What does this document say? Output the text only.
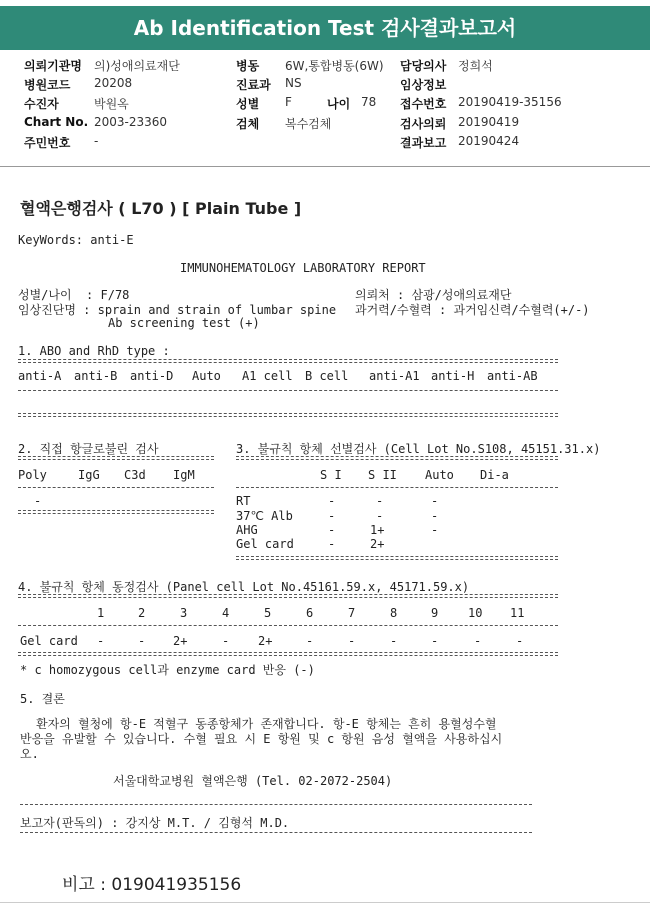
Ab Identification Test 검사결과보고서
의뢰기관명 의)성애의료재단
병원코드 20208
수진자	박원옥
Chart No. 2003-23360
주민번호 -
병동 6W,통합병동(6W)
진료과 NS
성별 F	나이 78
검체 복수검체
담당의사 정희석
임상정보
접수번호 20190419-35156
검사의뢰 20190419
결과보고 20190424
혈액은행검사 ( L70 ) [ Plain Tube ]
KeyWords: anti-E
IMMUNOHEMATOLOGY LABORATORY REPORT
성별/나이  : F/78
임상진단명 : sprain and strain of lumbar spine
Ab screening test (+)
의뢰처 : 삼광/성애의료재단
과거력/수혈력 : 과거임신력/수혈력(+/-)
1. ABO and RhD type :
anti-A anti-B anti-D Auto A1 cell B cell anti-A1 anti-H anti-AB
2. 직접 항글로불린 검사
Poly	IgG C3d IgM
-
3. 불규칙 항체 선별검사 (Cell Lot No.S108, 45151.31.x)
S I S II Auto Di-a
RT	-	-	-
37℃ Alb	-	-	-
AHG	-	1+	-
Gel card	-	2+
4. 불규칙 항체 동정검사 (Panel cell Lot No.45161.59.x, 45171.59.x)
1	2	3	4	5	6	7	8	9 10 11
Gel card -	- 2+	- 2+	-	-	-	-	-	-
* c homozygous cell과 enzyme card 반응 (-)
5. 결론
환자의 혈청에 항-E 적혈구 동종항체가 존재합니다. 항-E 항체는 흔히 용혈성수혈
반응을 유발할 수 있습니다. 수혈 필요 시 E 항원 및 c 항원 음성 혈액을 사용하십시
오.
서울대학교병원 혈액은행 (Tel. 02-2072-2504)
보고자(판독의) : 강지상 M.T. / 김형석 M.D.
비고 : 019041935156
